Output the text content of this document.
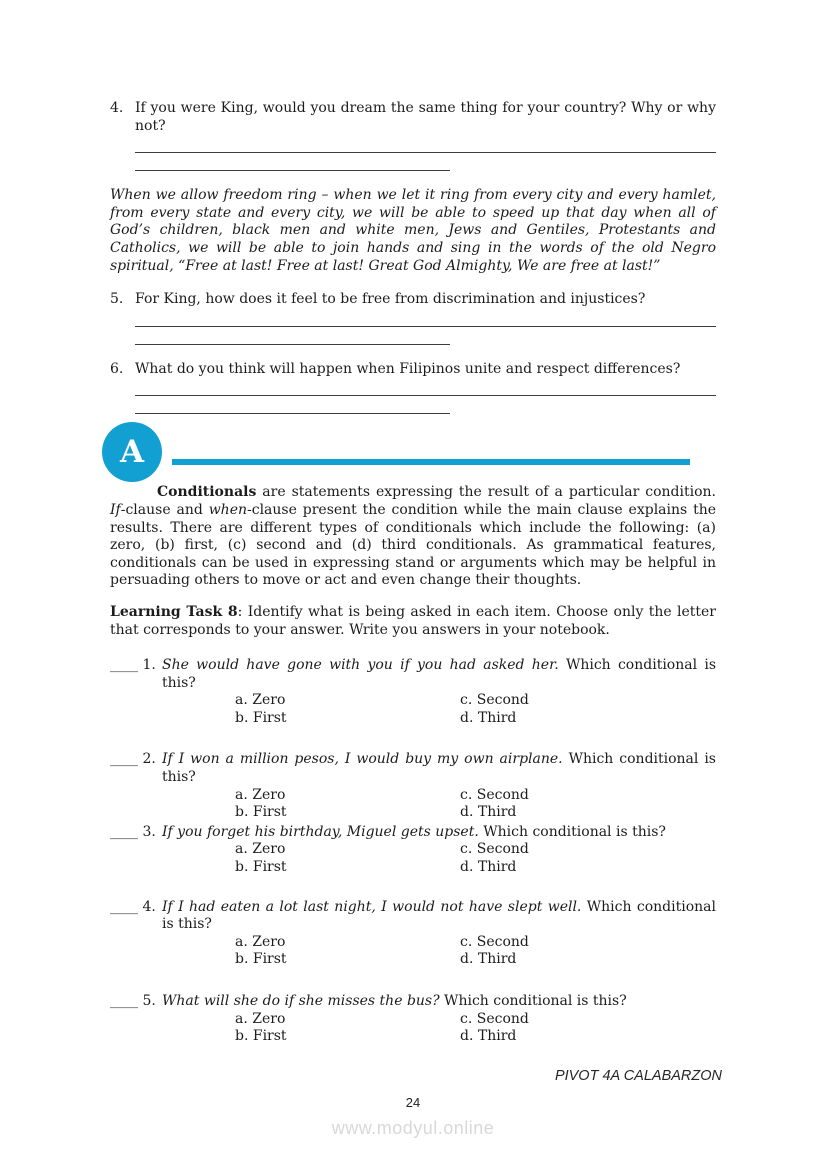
4. If you were King, would you dream the same thing for your country? Why or why not?

When we allow freedom ring – when we let it ring from every city and every hamlet, from every state and every city, we will be able to speed up that day when all of God’s children, black men and white men, Jews and Gentiles, Protestants and Catholics, we will be able to join hands and sing in the words of the old Negro spiritual, “Free at last! Free at last! Great God Almighty, We are free at last!”

5. For King, how does it feel to be free from discrimination and injustices?
6. What do you think will happen when Filipinos unite and respect differences?
A

Conditionals are statements expressing the result of a particular condition. If-clause and when-clause present the condition while the main clause explains the results. There are different types of conditionals which include the following: (a) zero, (b) first, (c) second and (d) third conditionals. As grammatical features, conditionals can be used in expressing stand or arguments which may be helpful in persuading others to move or act and even change their thoughts.

Learning Task 8: Identify what is being asked in each item. Choose only the letter that corresponds to your answer. Write you answers in your notebook.

____ 1. She would have gone with you if you had asked her. Which conditional is this?
a. Zero	c. Second
b. First	d. Third
____ 2. If I won a million pesos, I would buy my own airplane. Which conditional is this?
a. Zero	c. Second
b. First	d. Third
____ 3. If you forget his birthday, Miguel gets upset. Which conditional is this?
a. Zero	c. Second
b. First	d. Third
____ 4. If I had eaten a lot last night, I would not have slept well. Which conditional is this?
a. Zero	c. Second
b. First	d. Third
____ 5. What will she do if she misses the bus? Which conditional is this?
a. Zero	c. Second
b. First	d. Third
PIVOT 4A CALABARZON
24
www.modyul.online
